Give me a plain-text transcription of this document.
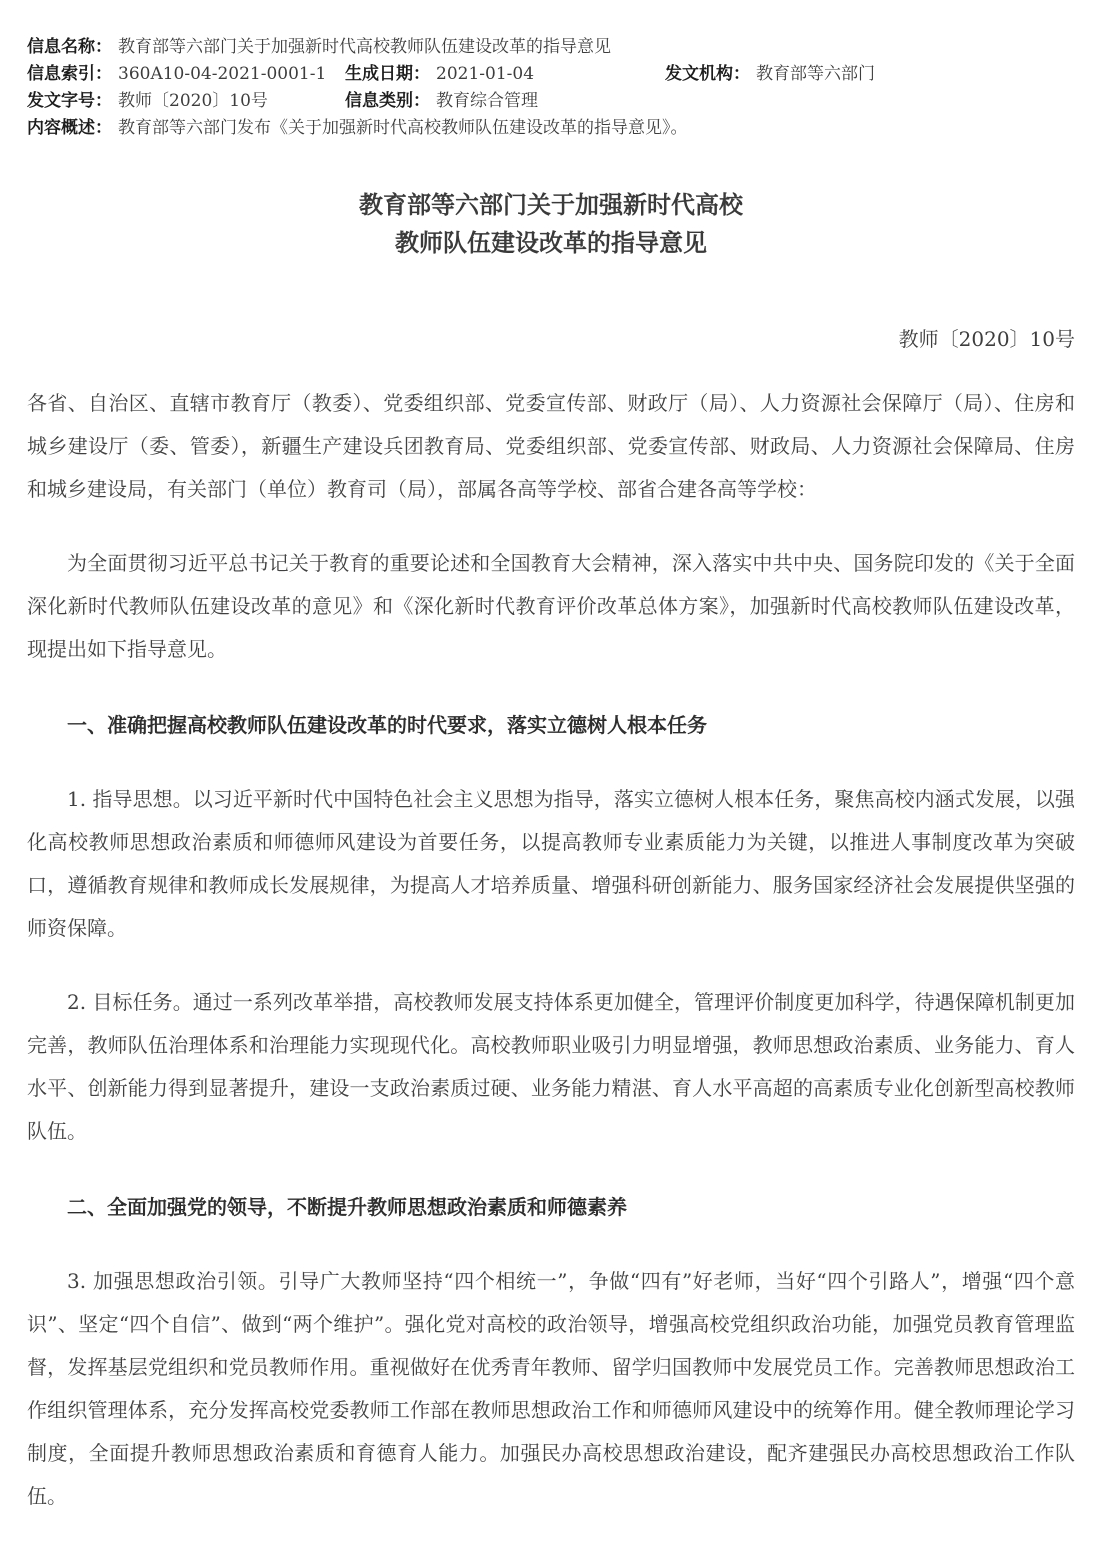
信息名称： 教育部等六部门关于加强新时代高校教师队伍建设改革的指导意见
信息索引： 360A10-04-2021-0001-1	生成日期： 2021-01-04	发文机构： 教育部等六部门
发文字号： 教师〔2020〕10号	信息类别： 教育综合管理
内容概述： 教育部等六部门发布《关于加强新时代高校教师队伍建设改革的指导意见》。
教育部等六部门关于加强新时代高校
教师队伍建设改革的指导意见
教师〔2020〕10号

各省、自治区、直辖市教育厅（教委）、党委组织部、党委宣传部、财政厅（局）、人力资源社会保障厅（局）、住房和城乡建设厅（委、管委），新疆生产建设兵团教育局、党委组织部、党委宣传部、财政局、人力资源社会保障局、住房和城乡建设局，有关部门（单位）教育司（局），部属各高等学校、部省合建各高等学校：

为全面贯彻习近平总书记关于教育的重要论述和全国教育大会精神，深入落实中共中央、国务院印发的《关于全面深化新时代教师队伍建设改革的意见》和《深化新时代教育评价改革总体方案》，加强新时代高校教师队伍建设改革，现提出如下指导意见。

一、准确把握高校教师队伍建设改革的时代要求，落实立德树人根本任务

1. 指导思想。以习近平新时代中国特色社会主义思想为指导，落实立德树人根本任务，聚焦高校内涵式发展，以强化高校教师思想政治素质和师德师风建设为首要任务，以提高教师专业素质能力为关键，以推进人事制度改革为突破口，遵循教育规律和教师成长发展规律，为提高人才培养质量、增强科研创新能力、服务国家经济社会发展提供坚强的师资保障。

2. 目标任务。通过一系列改革举措，高校教师发展支持体系更加健全，管理评价制度更加科学，待遇保障机制更加完善，教师队伍治理体系和治理能力实现现代化。高校教师职业吸引力明显增强，教师思想政治素质、业务能力、育人水平、创新能力得到显著提升，建设一支政治素质过硬、业务能力精湛、育人水平高超的高素质专业化创新型高校教师队伍。

二、全面加强党的领导，不断提升教师思想政治素质和师德素养

3. 加强思想政治引领。引导广大教师坚持“四个相统一”，争做“四有”好老师，当好“四个引路人”，增强“四个意识”、坚定“四个自信”、做到“两个维护”。强化党对高校的政治领导，增强高校党组织政治功能，加强党员教育管理监督，发挥基层党组织和党员教师作用。重视做好在优秀青年教师、留学归国教师中发展党员工作。完善教师思想政治工作组织管理体系，充分发挥高校党委教师工作部在教师思想政治工作和师德师风建设中的统筹作用。健全教师理论学习制度，全面提升教师思想政治素质和育德育人能力。加强民办高校思想政治建设，配齐建强民办高校思想政治工作队伍。
